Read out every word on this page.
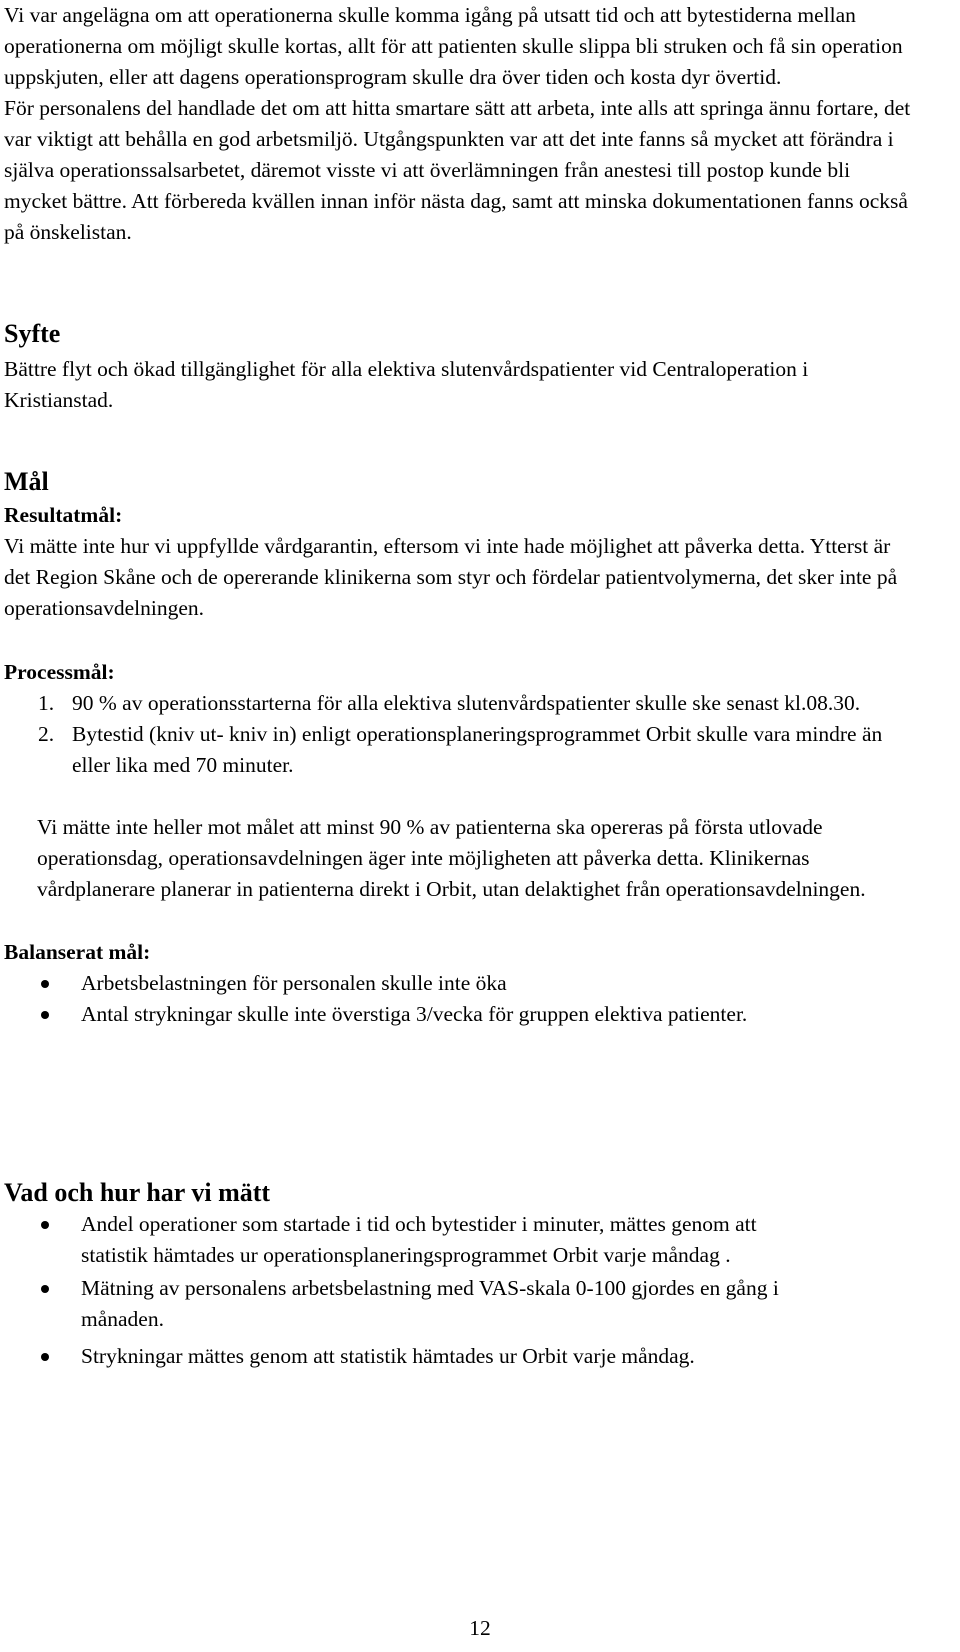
Vi var angelägna om att operationerna skulle komma igång på utsatt tid och att bytestiderna mellan operationerna om möjligt skulle kortas, allt för att patienten skulle slippa bli struken och få sin operation uppskjuten, eller att dagens operationsprogram skulle dra över tiden och kosta dyr övertid.

För personalens del handlade det om att hitta smartare sätt att arbeta, inte alls att springa ännu fortare, det var viktigt att behålla en god arbetsmiljö. Utgångspunkten var att det inte fanns så mycket att förändra i själva operationssalsarbetet, däremot visste vi att överlämningen från anestesi till postop kunde bli mycket bättre. Att förbereda kvällen innan inför nästa dag, samt att minska dokumentationen fanns också på önskelistan.

Syfte

Bättre flyt och ökad tillgänglighet för alla elektiva slutenvårdspatienter vid Centraloperation i Kristianstad.

Mål
Resultatmål:

Vi mätte inte hur vi uppfyllde vårdgarantin, eftersom vi inte hade möjlighet att påverka detta. Ytterst är det Region Skåne och de opererande klinikerna som styr och fördelar patientvolymerna, det sker inte på operationsavdelningen.

Processmål:
1. 90 % av operationsstarterna för alla elektiva slutenvårdspatienter skulle ske senast kl.08.30.
2. Bytestid (kniv ut- kniv in) enligt operationsplaneringsprogrammet Orbit skulle vara mindre än eller lika med 70 minuter.

Vi mätte inte heller mot målet att minst 90 % av patienterna ska opereras på första utlovade operationsdag, operationsavdelningen äger inte möjligheten att påverka detta. Klinikernas vårdplanerare planerar in patienterna direkt i Orbit, utan delaktighet från operationsavdelningen.

Balanserat mål:
Arbetsbelastningen för personalen skulle inte öka
Antal strykningar skulle inte överstiga 3/vecka för gruppen elektiva patienter.
Vad och hur har vi mätt
Andel operationer som startade i tid och bytestider i minuter, mättes genom att statistik hämtades ur operationsplaneringsprogrammet Orbit varje måndag .
Mätning av personalens arbetsbelastning med VAS-skala 0-100 gjordes en gång i månaden.
Strykningar mättes genom att statistik hämtades ur Orbit varje måndag.
12
